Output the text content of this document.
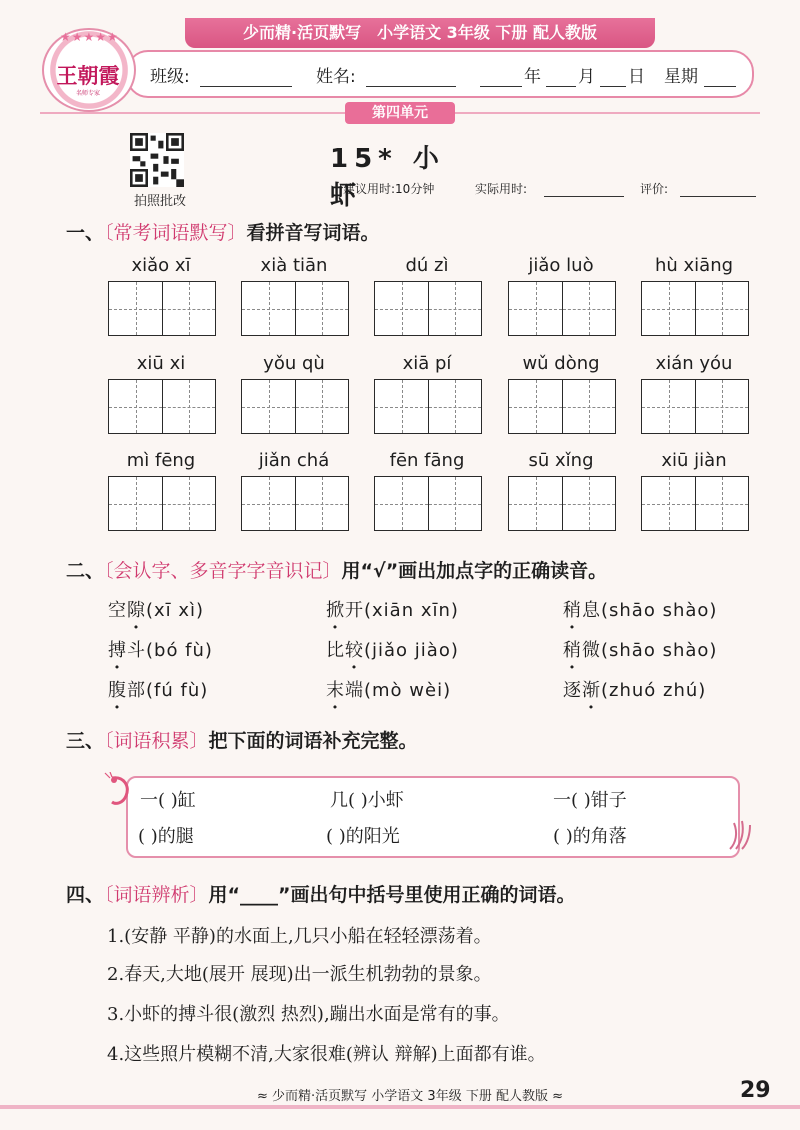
少而精·活页默写　小学语文 3年级 下册 配人教版
★★★★★
王朝霞
名师专家
班级:	姓名:	年 月 日 星期
第四单元
拍照批改
15* 小 虾
建议用时:10分钟	实际用时:	评价:
一、〔常考词语默写〕看拼音写词语。
xiǎo xī	xià tiān	dú zì	jiǎo luò	hù xiāng
xiū xi	yǒu qù	xiā pí	wǔ dòng	xián yóu
mì fēng	jiǎn chá	fēn fāng	sū xǐng	xiū jiàn
二、〔会认字、多音字字音识记〕用“√”画出加点字的正确读音。
空隙(xī xì)	掀开(xiān xīn)	稍息(shāo shào)
搏斗(bó fù)	比较(jiǎo jiào)	稍微(shāo shào)
腹部(fú fù)	末端(mò wèi)	逐渐(zhuó zhú)
三、〔词语积累〕把下面的词语补充完整。
一( )缸	几( )小虾	一( )钳子
( )的腿	( )的阳光	( )的角落
四、〔词语辨析〕用“____”画出句中括号里使用正确的词语。
1.(安静 平静)的水面上,几只小船在轻轻漂荡着。
2.春天,大地(展开 展现)出一派生机勃勃的景象。
3.小虾的搏斗很(激烈 热烈),蹦出水面是常有的事。
4.这些照片模糊不清,大家很难(辨认 辩解)上面都有谁。
≈ 少而精·活页默写 小学语文 3年级 下册 配人教版 ≈	29
